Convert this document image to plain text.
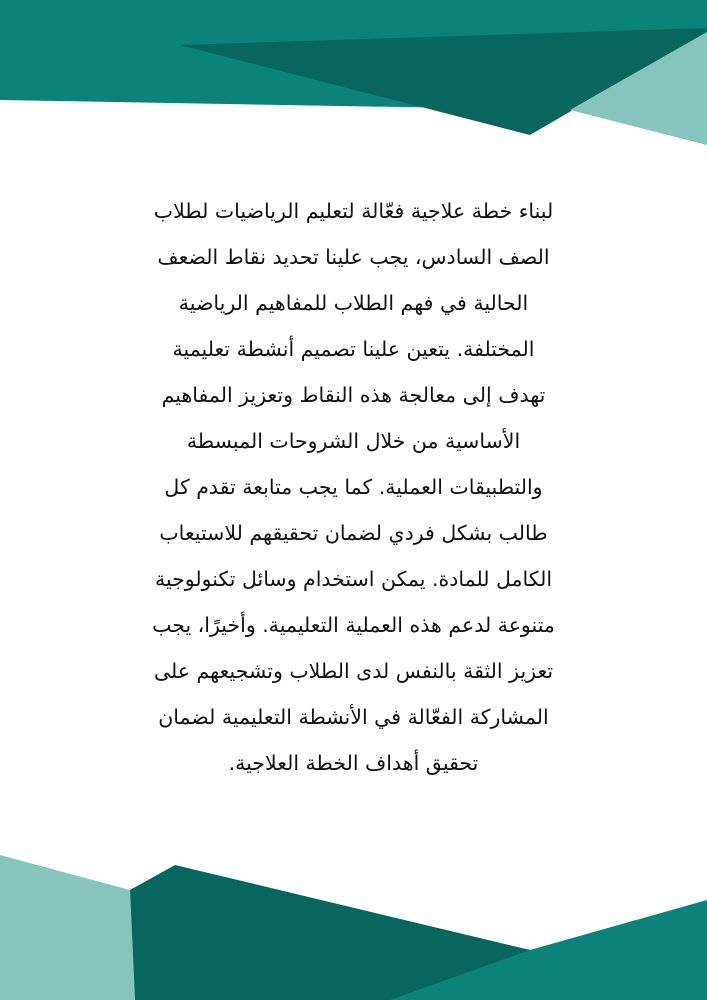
لبناء خطة علاجية فعّالة لتعليم الرياضيات لطلاب
الصف السادس، يجب علينا تحديد نقاط الضعف
الحالية في فهم الطلاب للمفاهيم الرياضية
المختلفة. يتعين علينا تصميم أنشطة تعليمية
تهدف إلى معالجة هذه النقاط وتعزيز المفاهيم
الأساسية من خلال الشروحات المبسطة
والتطبيقات العملية. كما يجب متابعة تقدم كل
طالب بشكل فردي لضمان تحقيقهم للاستيعاب
الكامل للمادة. يمكن استخدام وسائل تكنولوجية
متنوعة لدعم هذه العملية التعليمية. وأخيرًا، يجب
تعزيز الثقة بالنفس لدى الطلاب وتشجيعهم على
المشاركة الفعّالة في الأنشطة التعليمية لضمان
تحقيق أهداف الخطة العلاجية.
